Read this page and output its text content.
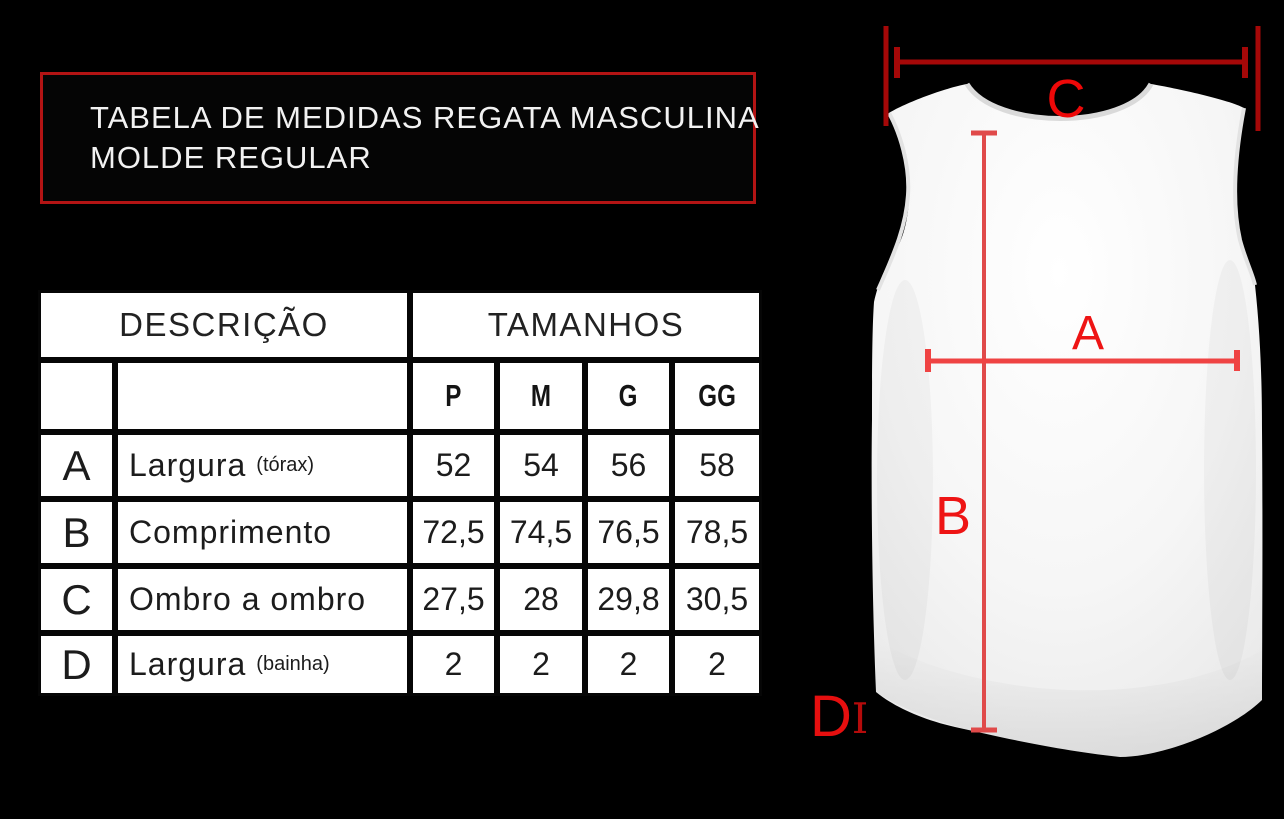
TABELA DE MEDIDAS REGATA MASCULINA
MOLDE REGULAR
DESCRIÇÃO	TAMANHOS
P M G GG
A Largura (tórax)	52 54 56 58
B Comprimento	72,5 74,5 76,5 78,5
C Ombro a ombro 27,5 28 29,8 30,5
D Largura (bainha)	2 2 2 2
C
B
A
D I
